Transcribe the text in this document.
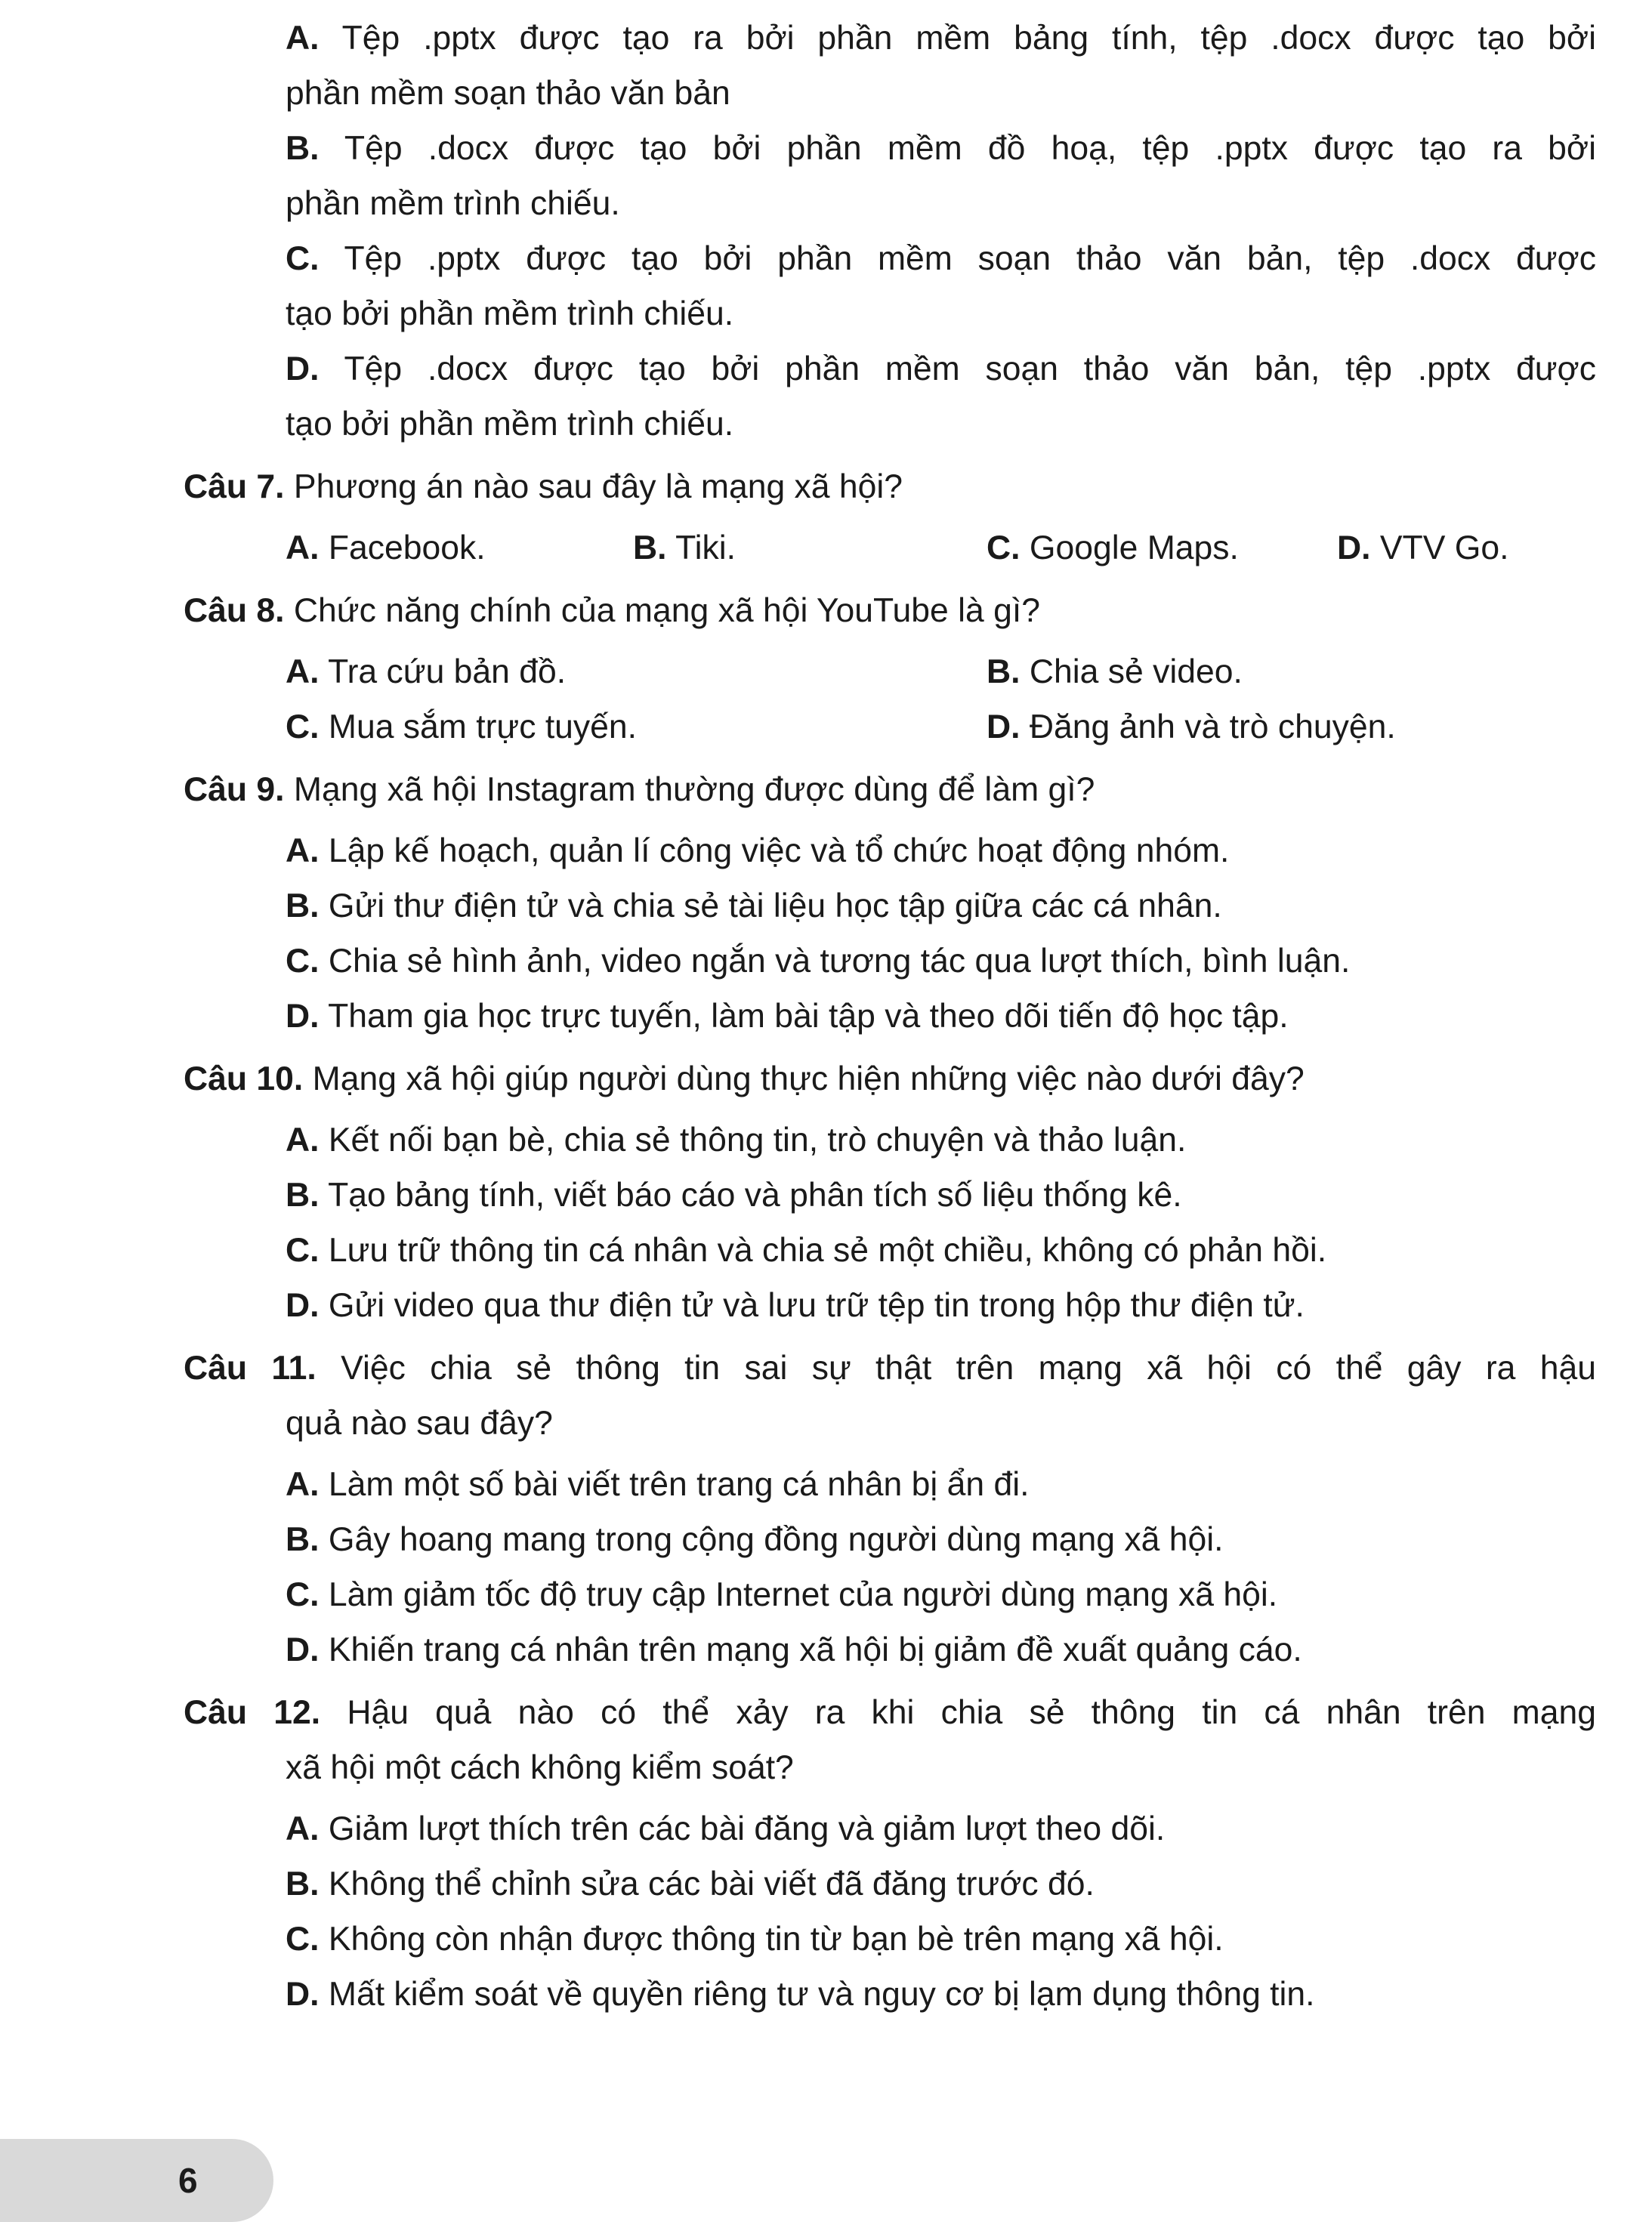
A. Tệp .pptx được tạo ra bởi phần mềm bảng tính, tệp .docx được tạo bởi
phần mềm soạn thảo văn bản
B. Tệp .docx được tạo bởi phần mềm đồ hoạ, tệp .pptx được tạo ra bởi
phần mềm trình chiếu.
C. Tệp .pptx được tạo bởi phần mềm soạn thảo văn bản, tệp .docx được
tạo bởi phần mềm trình chiếu.
D. Tệp .docx được tạo bởi phần mềm soạn thảo văn bản, tệp .pptx được
tạo bởi phần mềm trình chiếu.
Câu 7. Phương án nào sau đây là mạng xã hội?
A. Facebook.	B. Tiki.	C. Google Maps.	D. VTV Go.
Câu 8. Chức năng chính của mạng xã hội YouTube là gì?
A. Tra cứu bản đồ.	B. Chia sẻ video.
C. Mua sắm trực tuyến.	D. Đăng ảnh và trò chuyện.
Câu 9. Mạng xã hội Instagram thường được dùng để làm gì?
A. Lập kế hoạch, quản lí công việc và tổ chức hoạt động nhóm.
B. Gửi thư điện tử và chia sẻ tài liệu học tập giữa các cá nhân.
C. Chia sẻ hình ảnh, video ngắn và tương tác qua lượt thích, bình luận.
D. Tham gia học trực tuyến, làm bài tập và theo dõi tiến độ học tập.
Câu 10. Mạng xã hội giúp người dùng thực hiện những việc nào dưới đây?
A. Kết nối bạn bè, chia sẻ thông tin, trò chuyện và thảo luận.
B. Tạo bảng tính, viết báo cáo và phân tích số liệu thống kê.
C. Lưu trữ thông tin cá nhân và chia sẻ một chiều, không có phản hồi.
D. Gửi video qua thư điện tử và lưu trữ tệp tin trong hộp thư điện tử.
Câu 11. Việc chia sẻ thông tin sai sự thật trên mạng xã hội có thể gây ra hậu
quả nào sau đây?
A. Làm một số bài viết trên trang cá nhân bị ẩn đi.
B. Gây hoang mang trong cộng đồng người dùng mạng xã hội.
C. Làm giảm tốc độ truy cập Internet của người dùng mạng xã hội.
D. Khiến trang cá nhân trên mạng xã hội bị giảm đề xuất quảng cáo.
Câu 12. Hậu quả nào có thể xảy ra khi chia sẻ thông tin cá nhân trên mạng
xã hội một cách không kiểm soát?
A. Giảm lượt thích trên các bài đăng và giảm lượt theo dõi.
B. Không thể chỉnh sửa các bài viết đã đăng trước đó.
C. Không còn nhận được thông tin từ bạn bè trên mạng xã hội.
D. Mất kiểm soát về quyền riêng tư và nguy cơ bị lạm dụng thông tin.
6
